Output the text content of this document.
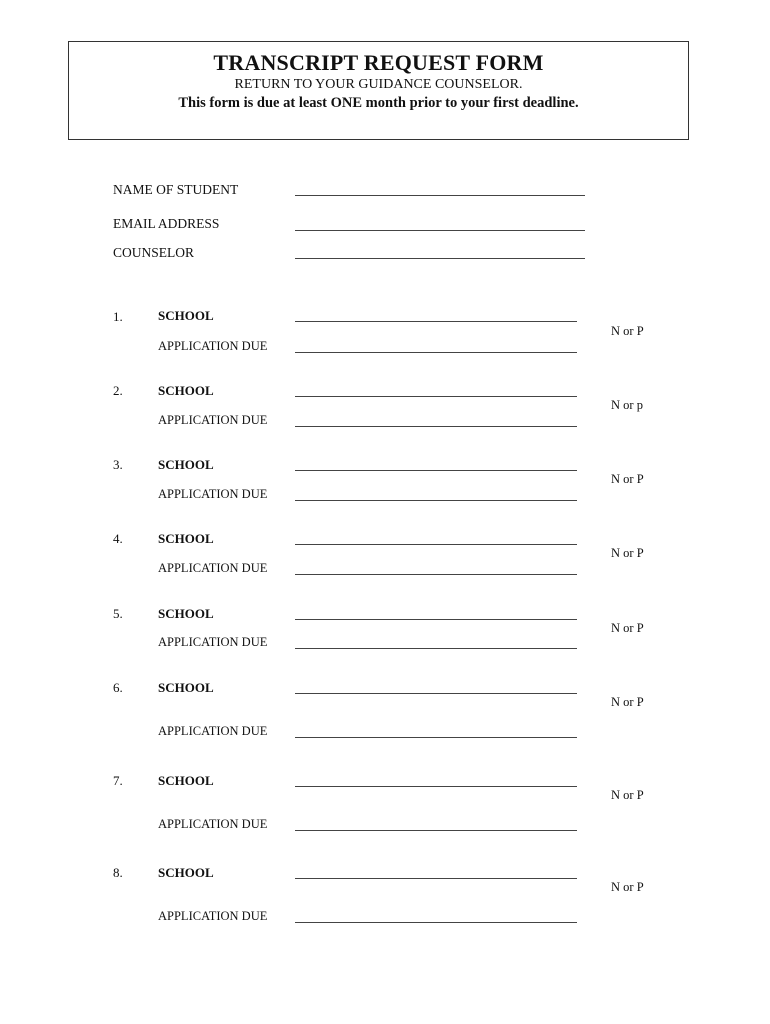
TRANSCRIPT REQUEST FORM
RETURN TO YOUR GUIDANCE COUNSELOR.
This form is due at least ONE month prior to your first deadline.
NAME OF STUDENT
EMAIL ADDRESS
COUNSELOR
1.	SCHOOL
APPLICATION DUE
N or P
2.	SCHOOL
APPLICATION DUE
N or p
3.	SCHOOL
APPLICATION DUE
N or P
4.	SCHOOL
APPLICATION DUE
N or P
5.	SCHOOL
APPLICATION DUE
N or P
6.	SCHOOL
APPLICATION DUE
N or P
7.	SCHOOL
APPLICATION DUE
N or P
8.	SCHOOL
APPLICATION DUE
N or P
